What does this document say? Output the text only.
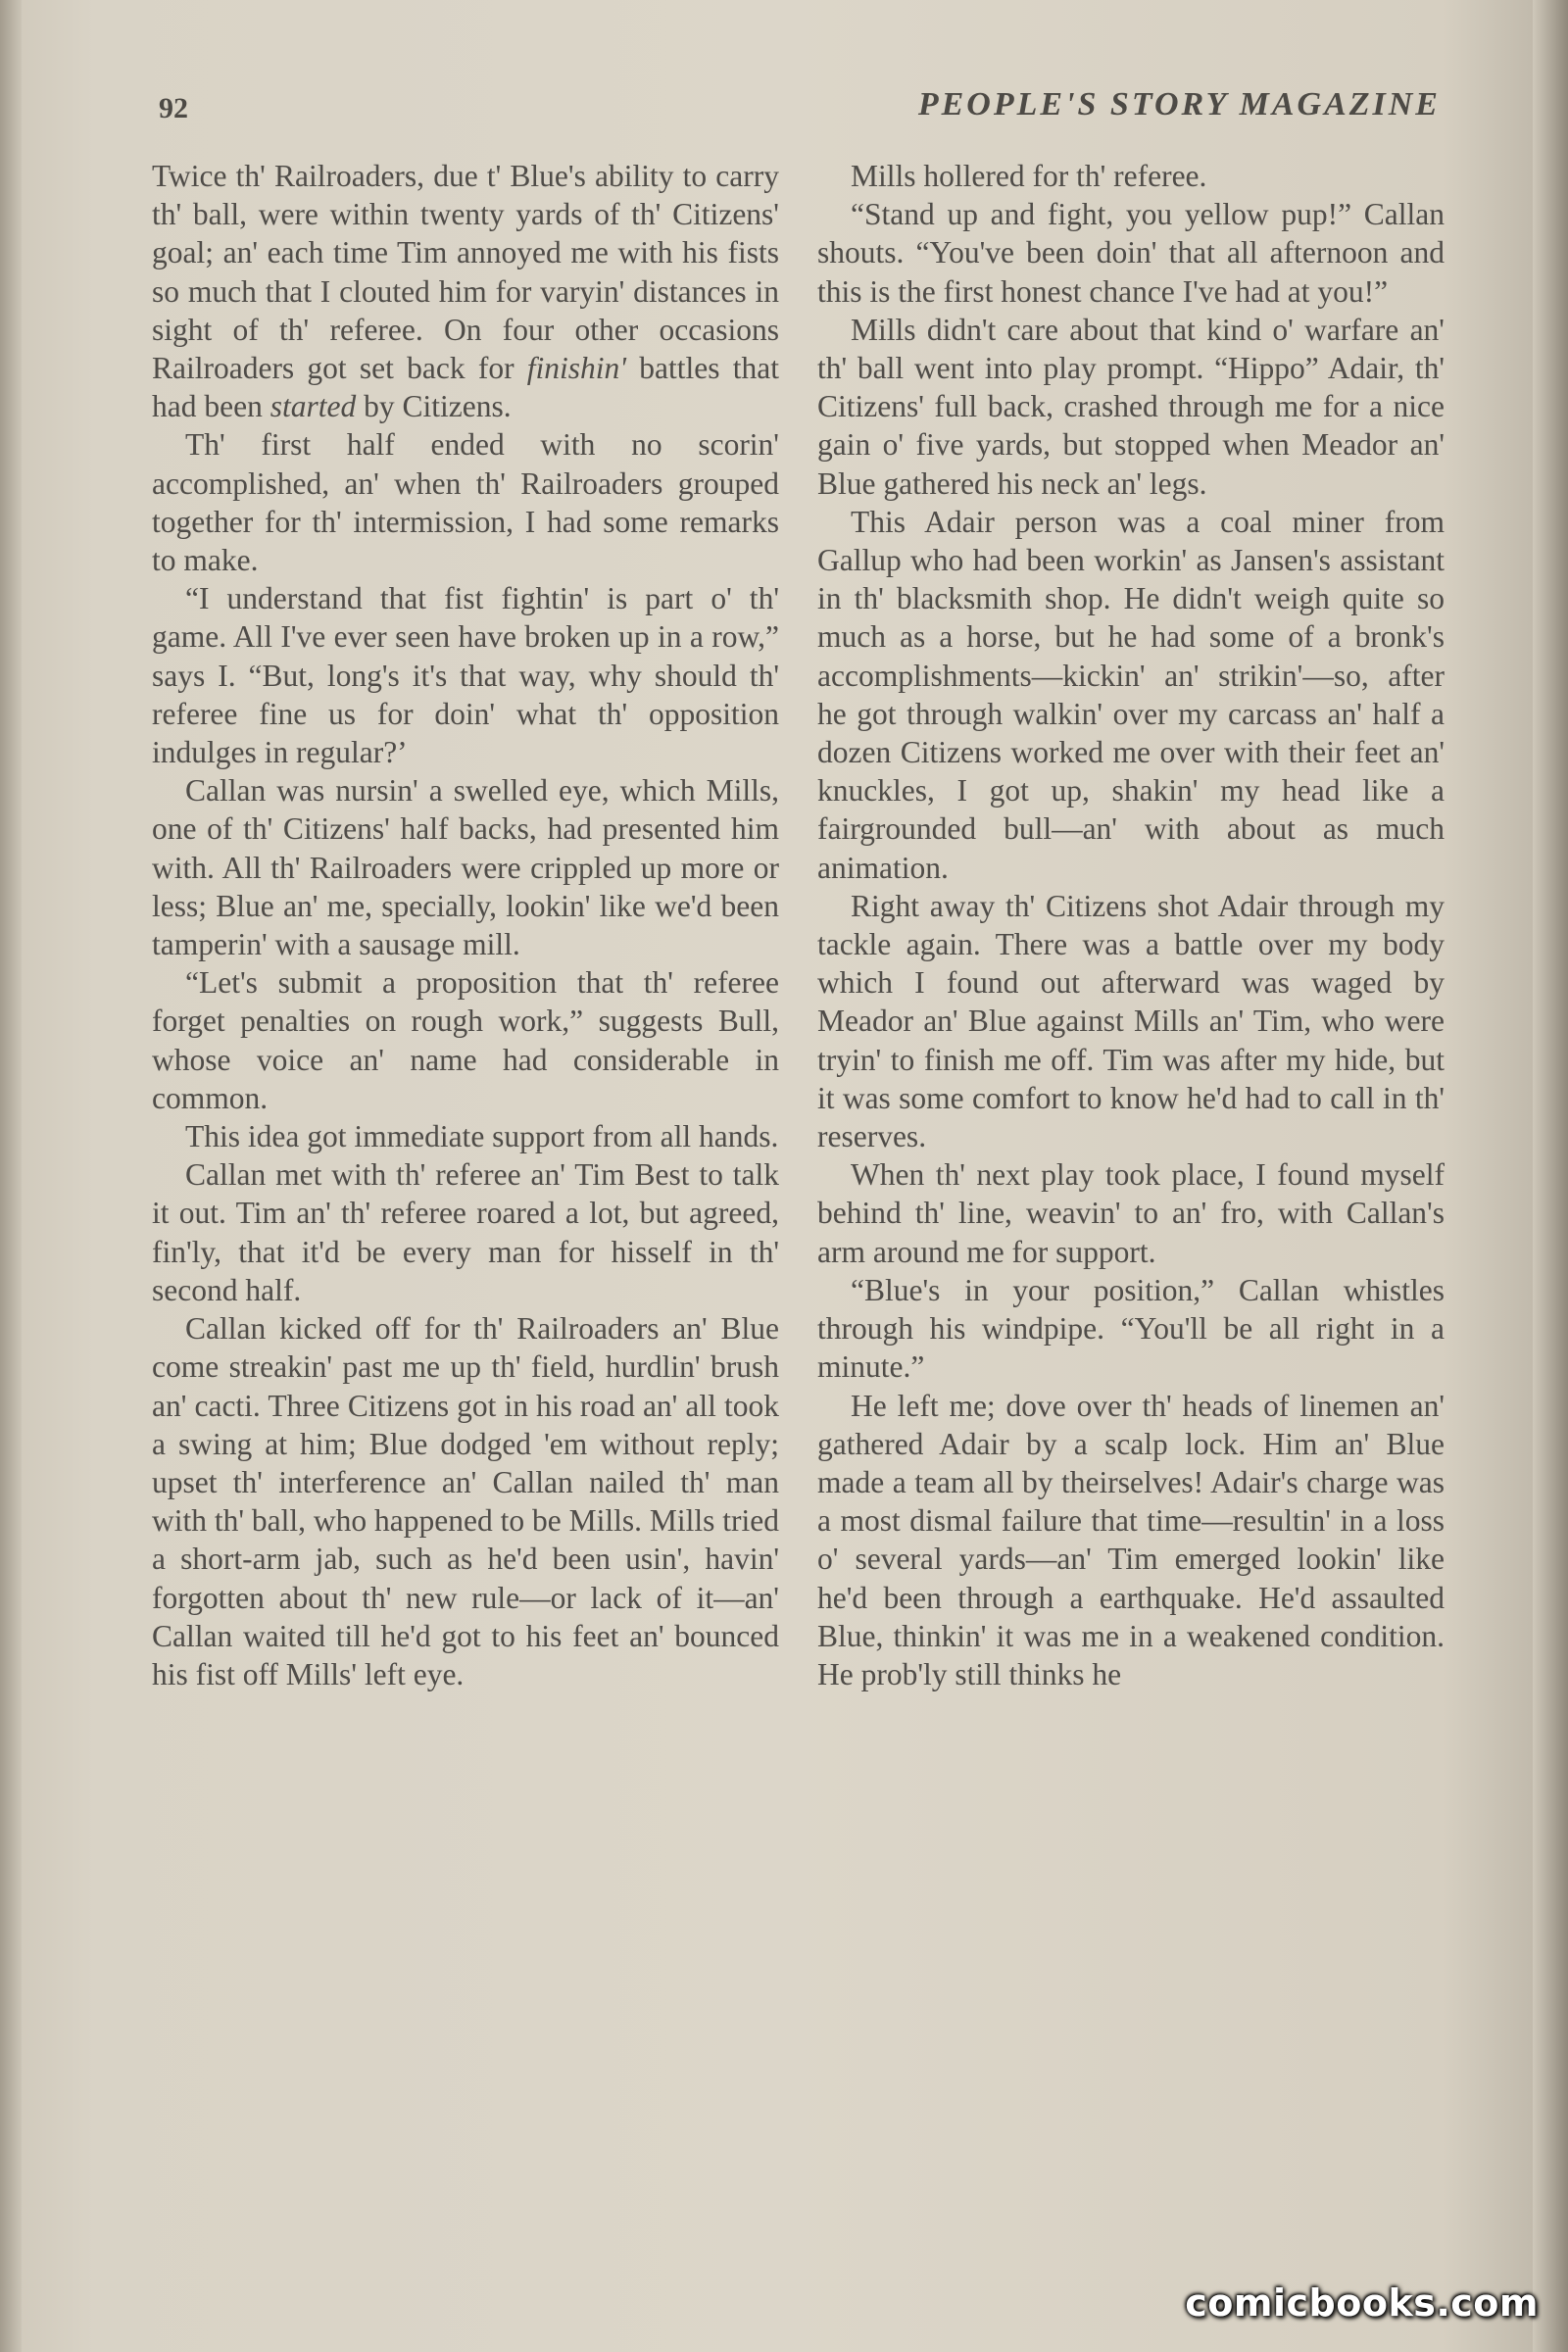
92	PEOPLE'S STORY MAGAZINE

Twice th' Railroaders, due t' Blue's ability to carry th' ball, were within twenty yards of th' Citizens' goal; an' each time Tim annoyed me with his fists so much that I clouted him for varyin' distances in sight of th' referee. On four other occasions Railroaders got set back for finishin' battles that had been started by Citizens.

Th' first half ended with no scorin' accomplished, an' when th' Railroaders grouped together for th' intermission, I had some remarks to make.

“I understand that fist fightin' is part o' th' game. All I've ever seen have broken up in a row,” says I. “But, long's it's that way, why should th' referee fine us for doin' what th' opposition indulges in regular?’

Callan was nursin' a swelled eye, which Mills, one of th' Citizens' half backs, had presented him with. All th' Railroaders were crippled up more or less; Blue an' me, specially, lookin' like we'd been tamperin' with a sausage mill.

“Let's submit a proposition that th' referee forget penalties on rough work,” suggests Bull, whose voice an' name had considerable in common.

This idea got immediate support from all hands.

Callan met with th' referee an' Tim Best to talk it out. Tim an' th' referee roared a lot, but agreed, fin'ly, that it'd be every man for hisself in th' second half.

Callan kicked off for th' Railroaders an' Blue come streakin' past me up th' field, hurdlin' brush an' cacti. Three Citizens got in his road an' all took a swing at him; Blue dodged 'em without reply; upset th' interference an' Callan nailed th' man with th' ball, who happened to be Mills. Mills tried a short-arm jab, such as he'd been usin', havin' forgotten about th' new rule—or lack of it—an' Callan waited till he'd got to his feet an' bounced his fist off Mills' left eye.

Mills hollered for th' referee.

“Stand up and fight, you yellow pup!” Callan shouts. “You've been doin' that all afternoon and this is the first honest chance I've had at you!”

Mills didn't care about that kind o' warfare an' th' ball went into play prompt. “Hippo” Adair, th' Citizens' full back, crashed through me for a nice gain o' five yards, but stopped when Meador an' Blue gathered his neck an' legs.

This Adair person was a coal miner from Gallup who had been workin' as Jansen's assistant in th' blacksmith shop. He didn't weigh quite so much as a horse, but he had some of a bronk's accomplishments—kickin' an' strikin'—so, after he got through walkin' over my carcass an' half a dozen Citizens worked me over with their feet an' knuckles, I got up, shakin' my head like a fairgrounded bull—an' with about as much animation.

Right away th' Citizens shot Adair through my tackle again. There was a battle over my body which I found out afterward was waged by Meador an' Blue against Mills an' Tim, who were tryin' to finish me off. Tim was after my hide, but it was some comfort to know he'd had to call in th' reserves.

When th' next play took place, I found myself behind th' line, weavin' to an' fro, with Callan's arm around me for support.

“Blue's in your position,” Callan whistles through his windpipe. “You'll be all right in a minute.”

He left me; dove over th' heads of linemen an' gathered Adair by a scalp lock. Him an' Blue made a team all by theirselves! Adair's charge was a most dismal failure that time—resultin' in a loss o' several yards—an' Tim emerged lookin' like he'd been through a earthquake. He'd assaulted Blue, thinkin' it was me in a weakened condition. He prob'ly still thinks he

comicbooks.com
